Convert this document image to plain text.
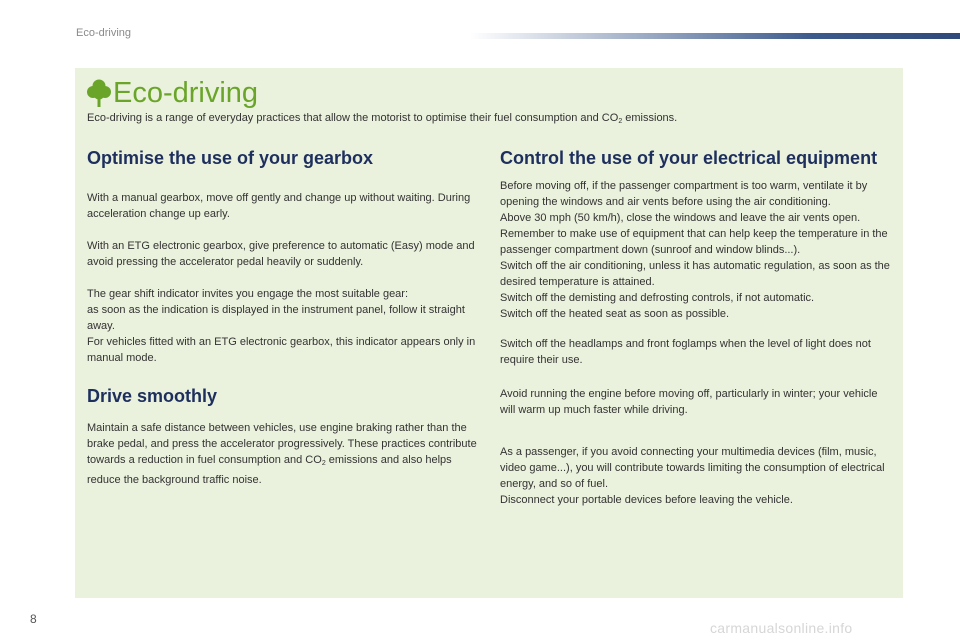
Eco-driving
Eco-driving
Eco-driving is a range of everyday practices that allow the motorist to optimise their fuel consumption and $CO_2$ emissions.
Optimise the use of your gearbox

With a manual gearbox, move off gently and change up without waiting. During acceleration change up early.

With an ETG electronic gearbox, give preference to automatic (Easy) mode and avoid pressing the accelerator pedal heavily or suddenly.

The gear shift indicator invites you engage the most suitable gear:
as soon as the indication is displayed in the instrument panel, follow it straight away.
For vehicles fitted with an ETG electronic gearbox, this indicator appears only in manual mode.

Drive smoothly

Maintain a safe distance between vehicles, use engine braking rather than the brake pedal, and press the accelerator progressively. These practices contribute towards a reduction in fuel consumption and $CO_2$ emissions and also helps reduce the background traffic noise.

Control the use of your electrical equipment

Before moving off, if the passenger compartment is too warm, ventilate it by opening the windows and air vents before using the air conditioning.
Above 30 mph (50 km/h), close the windows and leave the air vents open.
Remember to make use of equipment that can help keep the temperature in the passenger compartment down (sunroof and window blinds...).
Switch off the air conditioning, unless it has automatic regulation, as soon as the desired temperature is attained.
Switch off the demisting and defrosting controls, if not automatic.
Switch off the heated seat as soon as possible.

Switch off the headlamps and front foglamps when the level of light does not require their use.

Avoid running the engine before moving off, particularly in winter; your vehicle will warm up much faster while driving.

As a passenger, if you avoid connecting your multimedia devices (film, music, video game...), you will contribute towards limiting the consumption of electrical energy, and so of fuel.
Disconnect your portable devices before leaving the vehicle.

8
carmanualsonline.info
